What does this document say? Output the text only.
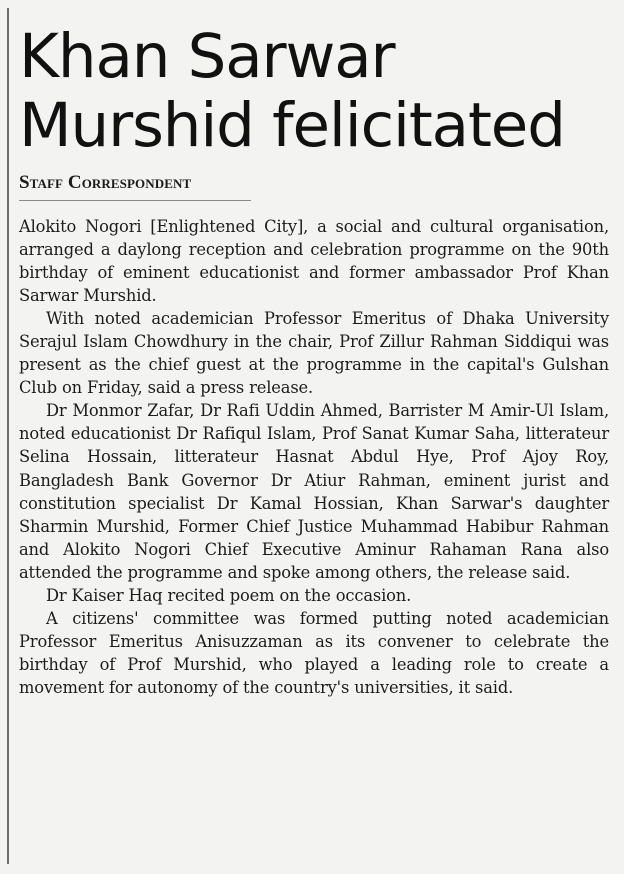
Khan Sarwar Murshid felicitated
Staff Correspondent

Alokito Nogori [Enlightened City], a social and cultural organisation, arranged a daylong reception and celebration programme on the 90th birthday of eminent educationist and former ambassador Prof Khan Sarwar Murshid.

With noted academician Professor Emeritus of Dhaka University Serajul Islam Chowdhury in the chair, Prof Zillur Rahman Siddiqui was present as the chief guest at the programme in the capital's Gulshan Club on Friday, said a press release.

Dr Monmor Zafar, Dr Rafi Uddin Ahmed, Barrister M Amir-Ul Islam, noted educationist Dr Rafiqul Islam, Prof Sanat Kumar Saha, litterateur Selina Hossain, litterateur Hasnat Abdul Hye, Prof Ajoy Roy, Bangladesh Bank Governor Dr Atiur Rahman, eminent jurist and constitution specialist Dr Kamal Hossian, Khan Sarwar's daughter Sharmin Murshid, Former Chief Justice Muhammad Habibur Rahman and Alokito Nogori Chief Executive Aminur Rahaman Rana also attended the programme and spoke among others, the release said.

Dr Kaiser Haq recited poem on the occasion.

A citizens' committee was formed putting noted academician Professor Emeritus Anisuzzaman as its convener to celebrate the birthday of Prof Murshid, who played a leading role to create a movement for autonomy of the country's universities, it said.
